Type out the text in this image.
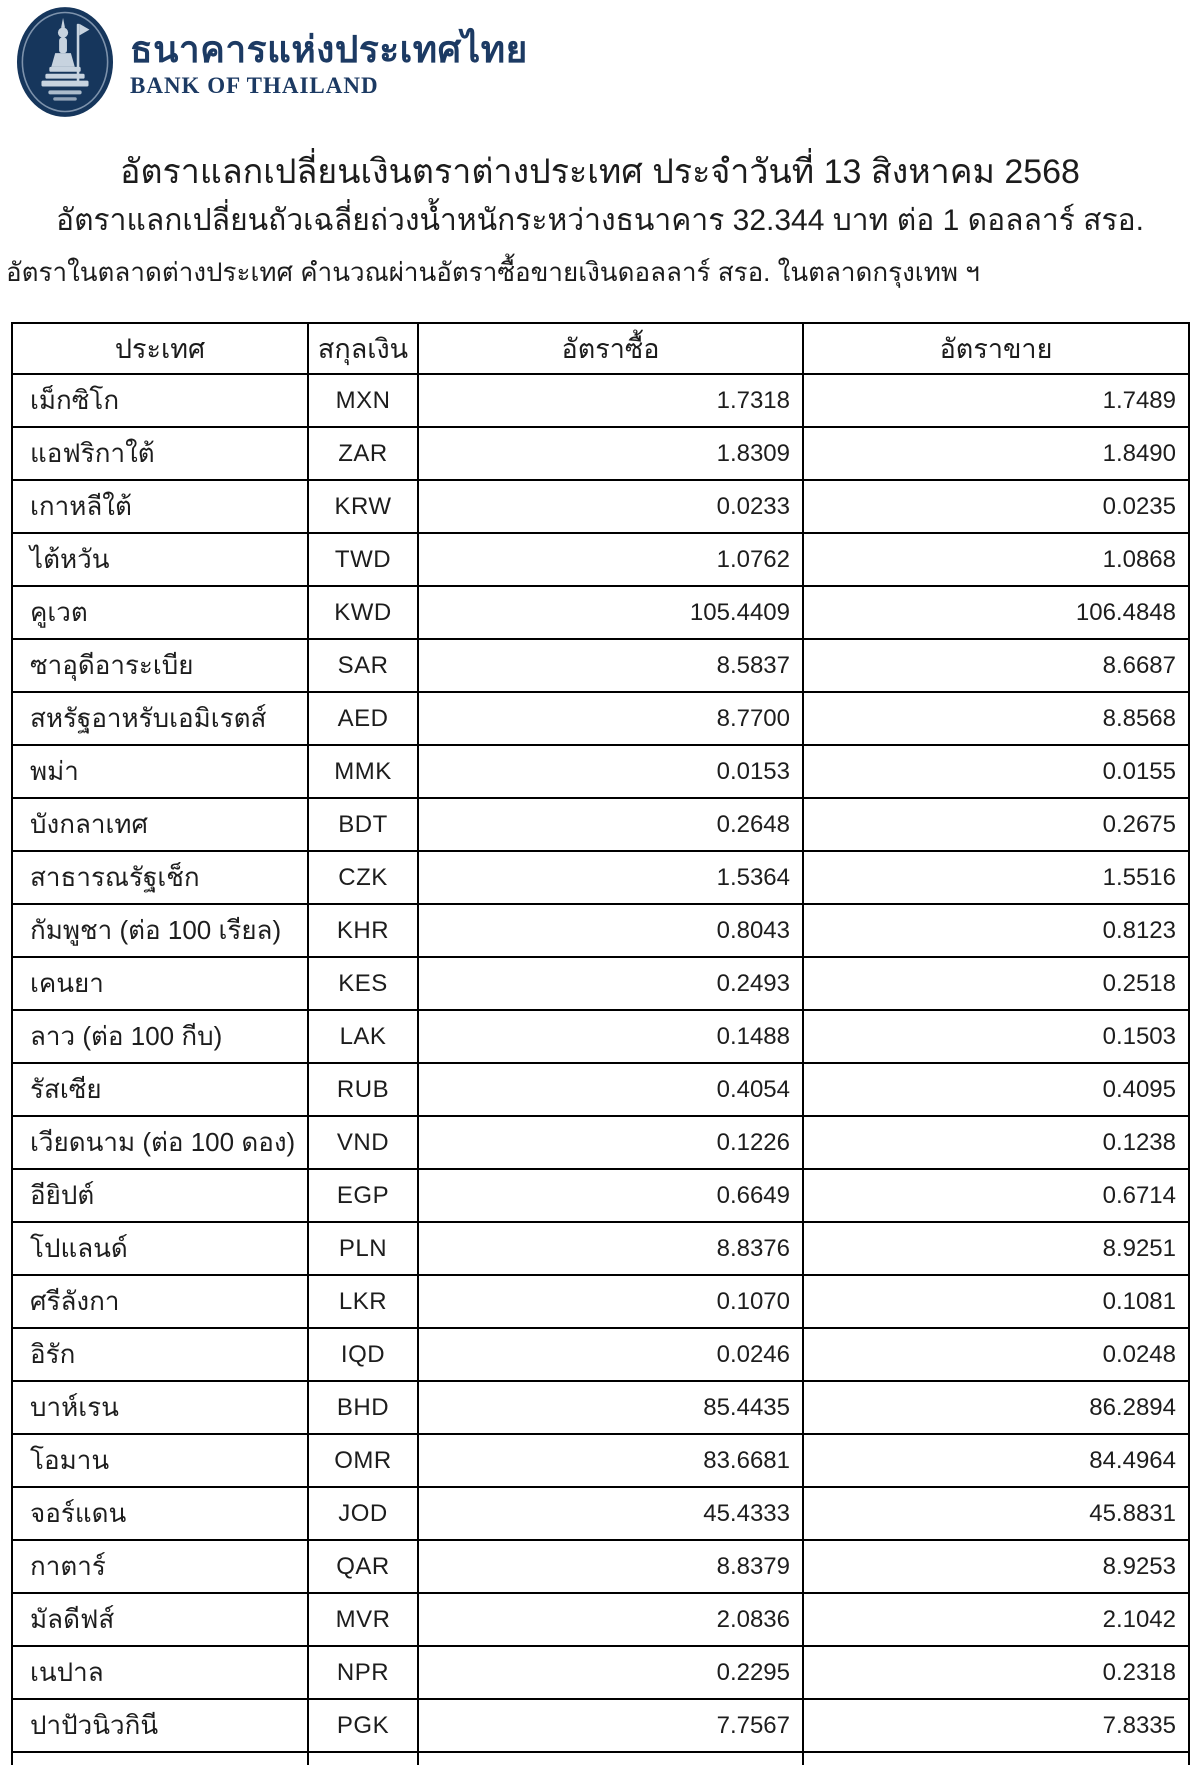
ธนาคารแห่งประเทศไทย
BANK OF THAILAND
อัตราแลกเปลี่ยนเงินตราต่างประเทศ ประจำวันที่ 13 สิงหาคม 2568
อัตราแลกเปลี่ยนถัวเฉลี่ยถ่วงน้ำหนักระหว่างธนาคาร 32.344 บาท ต่อ 1 ดอลลาร์ สรอ.
อัตราในตลาดต่างประเทศ คำนวณผ่านอัตราซื้อขายเงินดอลลาร์ สรอ. ในตลาดกรุงเทพ ฯ
ประเทศ	สกุลเงิน	อัตราซื้อ	อัตราขาย
เม็กซิโก	MXN	1.7318	1.7489
แอฟริกาใต้	ZAR	1.8309	1.8490
เกาหลีใต้	KRW	0.0233	0.0235
ไต้หวัน	TWD	1.0762	1.0868
คูเวต	KWD	105.4409	106.4848
ซาอุดีอาระเบีย	SAR	8.5837	8.6687
สหรัฐอาหรับเอมิเรตส์	AED	8.7700	8.8568
พม่า	MMK	0.0153	0.0155
บังกลาเทศ	BDT	0.2648	0.2675
สาธารณรัฐเช็ก	CZK	1.5364	1.5516
กัมพูชา (ต่อ 100 เรียล)	KHR	0.8043	0.8123
เคนยา	KES	0.2493	0.2518
ลาว (ต่อ 100 กีบ)	LAK	0.1488	0.1503
รัสเซีย	RUB	0.4054	0.4095
เวียดนาม (ต่อ 100 ดอง)	VND	0.1226	0.1238
อียิปต์	EGP	0.6649	0.6714
โปแลนด์	PLN	8.8376	8.9251
ศรีลังกา	LKR	0.1070	0.1081
อิรัก	IQD	0.0246	0.0248
บาห์เรน	BHD	85.4435	86.2894
โอมาน	OMR	83.6681	84.4964
จอร์แดน	JOD	45.4333	45.8831
กาตาร์	QAR	8.8379	8.9253
มัลดีฟส์	MVR	2.0836	2.1042
เนปาล	NPR	0.2295	0.2318
ปาปัวนิวกินี	PGK	7.7567	7.8335
